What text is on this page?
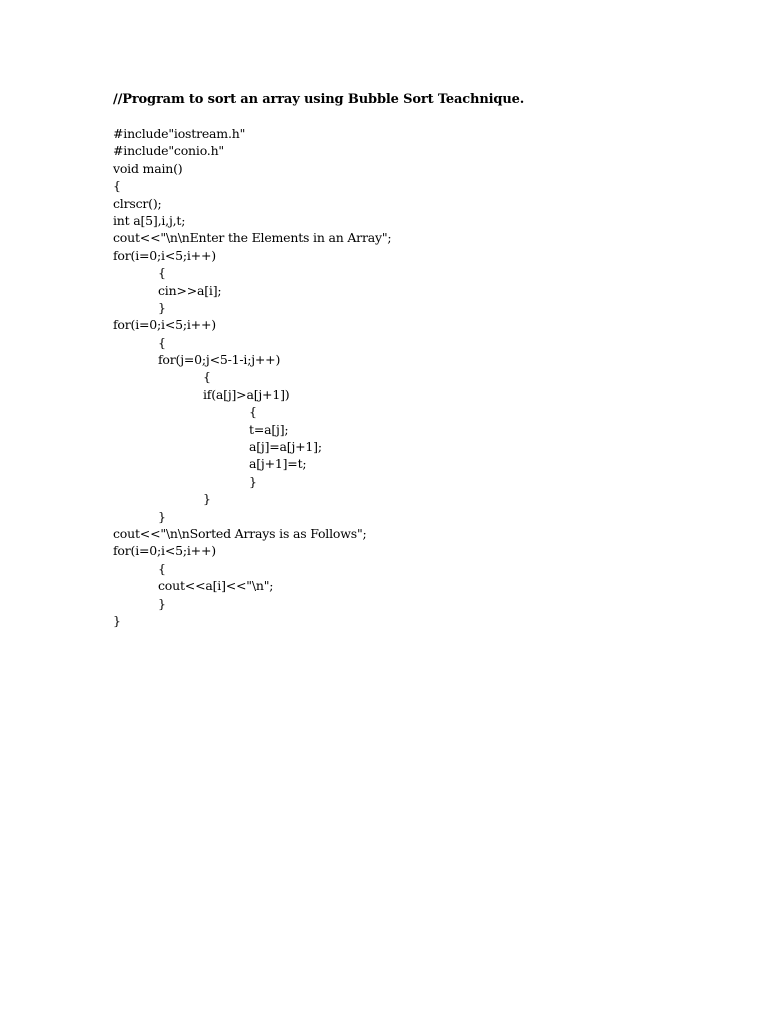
//Program to sort an array using Bubble Sort Teachnique.

#include"iostream.h"
#include"conio.h"
void main()
{
clrscr();
int a[5],i,j,t;
cout<<"\n\nEnter the Elements in an Array";
for(i=0;i<5;i++)
{
cin>>a[i];
}
for(i=0;i<5;i++)
{
for(j=0;j<5-1-i;j++)
{
if(a[j]>a[j+1])
{
t=a[j];
a[j]=a[j+1];
a[j+1]=t;
}
}
}
cout<<"\n\nSorted Arrays is as Follows";
for(i=0;i<5;i++)
{
cout<<a[i]<<"\n";
}
}
